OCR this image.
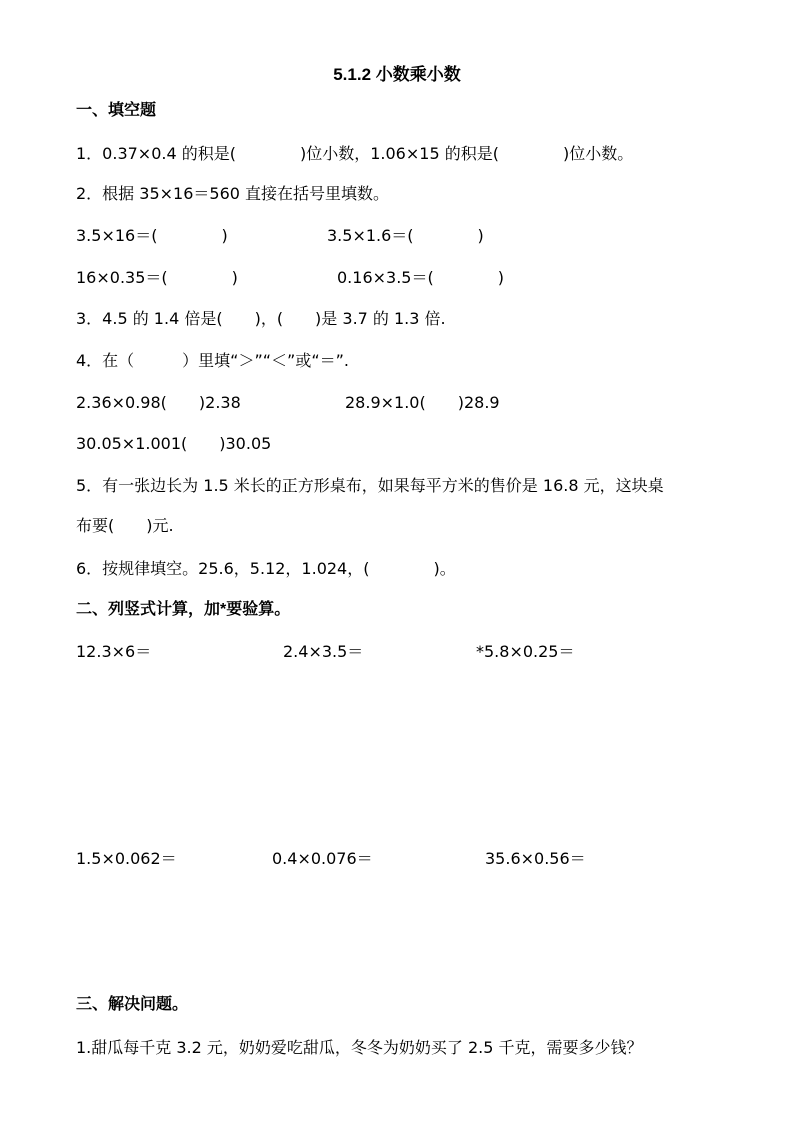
5.1.2 小数乘小数
一、填空题
1．0.37×0.4 的积是(　　　　)位小数，1.06×15 的积是(　　　　)位小数。
2．根据 35×16＝560 直接在括号里填数。
3.5×16＝(　　　　)	3.5×1.6＝(　　　　)
16×0.35＝(　　　　)	0.16×3.5＝(　　　　)
3．4.5 的 1.4 倍是(　　)，(　　)是 3.7 的 1.3 倍.
4．在（　　　）里填“＞”“＜”或“＝”.
2.36×0.98(　　)2.38	28.9×1.0(　　)28.9
30.05×1.001(　　)30.05
5．有一张边长为 1.5 米长的正方形桌布，如果每平方米的售价是 16.8 元，这块桌
布要(　　)元.
6．按规律填空。25.6，5.12，1.024，(　　　　)。
二、列竖式计算，加*要验算。
12.3×6＝	2.4×3.5＝	*5.8×0.25＝
1.5×0.062＝	0.4×0.076＝	35.6×0.56＝
三、解决问题。
1.甜瓜每千克 3.2 元，奶奶爱吃甜瓜，冬冬为奶奶买了 2.5 千克，需要多少钱？
